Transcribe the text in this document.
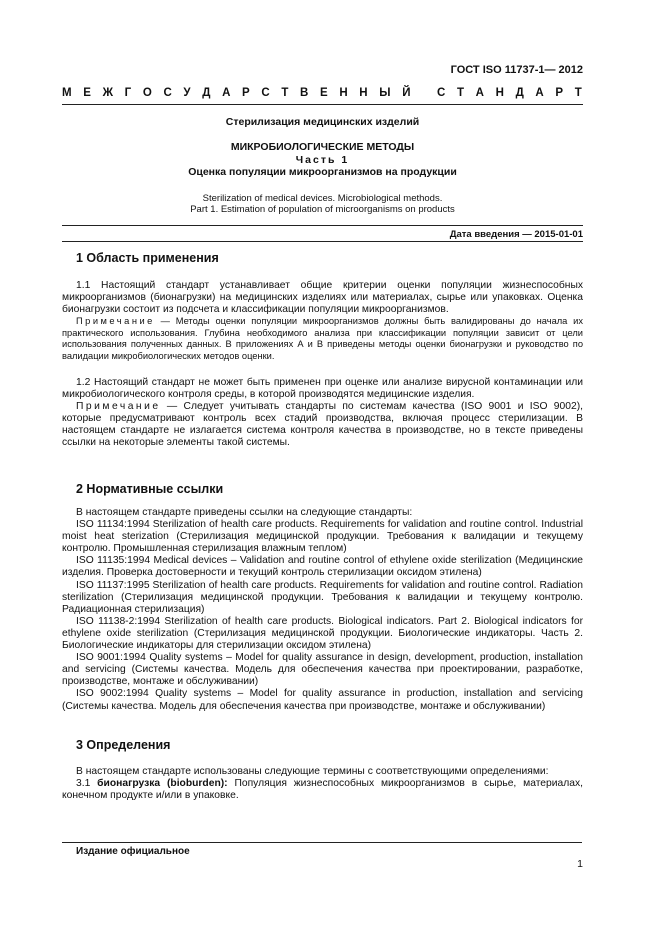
ГОСТ ISO 11737-1— 2012
М Е Ж Г О С У Д А Р С Т В Е Н Н Ы Й
С Т А Н Д А Р Т
Стерилизация медицинских изделий
МИКРОБИОЛОГИЧЕСКИЕ МЕТОДЫ
Часть 1
Оценка популяции микроорганизмов на продукции
Sterilization of medical devices. Microbiological methods.
Part 1. Estimation of population of microorganisms on products
Дата введения — 2015-01-01
1 Область применения

1.1 Настоящий стандарт устанавливает общие критерии оценки популяции жизнеспособных микроорганизмов (бионагрузки) на медицинских изделиях или материалах, сырье или упаковках. Оценка бионагрузки состоит из подсчета и классификации популяции микроорганизмов.

Примечание — Методы оценки популяции микроорганизмов должны быть валидированы до начала их практического использования. Глубина необходимого анализа при классификации популяции зависит от цели использования полученных данных. В приложениях А и В приведены методы оценки бионагрузки и руководство по валидации микробиологических методов оценки.

1.2 Настоящий стандарт не может быть применен при оценке или анализе вирусной контаминации или микробиологического контроля среды, в которой производятся медицинские изделия.

Примечание — Следует учитывать стандарты по системам качества (ISO 9001 и ISO 9002), которые предусматривают контроль всех стадий производства, включая процесс стерилизации. В настоящем стандарте не излагается система контроля качества в производстве, но в тексте приведены ссылки на некоторые элементы такой системы.

2 Нормативные ссылки

В настоящем стандарте приведены ссылки на следующие стандарты:

ISO 11134:1994 Sterilization of health care products. Requirements for validation and routine control. Industrial moist heat sterization (Стерилизация медицинской продукции. Требования к валидации и текущему контролю. Промышленная стерилизация влажным теплом)

ISO 11135:1994 Medical devices – Validation and routine control of ethylene oxide sterilization (Медицинские изделия. Проверка достоверности и текущий контроль стерилизации оксидом этилена)

ISO 11137:1995 Sterilization of health care products. Requirements for validation and routine control. Radiation sterilization (Стерилизация медицинской продукции. Требования к валидации и текущему контролю. Радиационная стерилизация)

ISO 11138-2:1994 Sterilization of health care products. Biological indicators. Part 2. Biological indicators for ethylene oxide sterilization (Стерилизация медицинской продукции. Биологические индикаторы. Часть 2. Биологические индикаторы для стерилизации оксидом этилена)

ISO 9001:1994 Quality systems – Model for quality assurance in design, development, production, installation and servicing (Системы качества. Модель для обеспечения качества при проектировании, разработке, производстве, монтаже и обслуживании)

ISO 9002:1994 Quality systems – Model for quality assurance in production, installation and servicing (Системы качества. Модель для обеспечения качества при производстве, монтаже и обслуживании)

3 Определения

В настоящем стандарте использованы следующие термины с соответствующими определениями:

3.1 бионагрузка (bioburden): Популяция жизнеспособных микроорганизмов в сырье, материалах, конечном продукте и/или в упаковке.

Издание официальное
1
